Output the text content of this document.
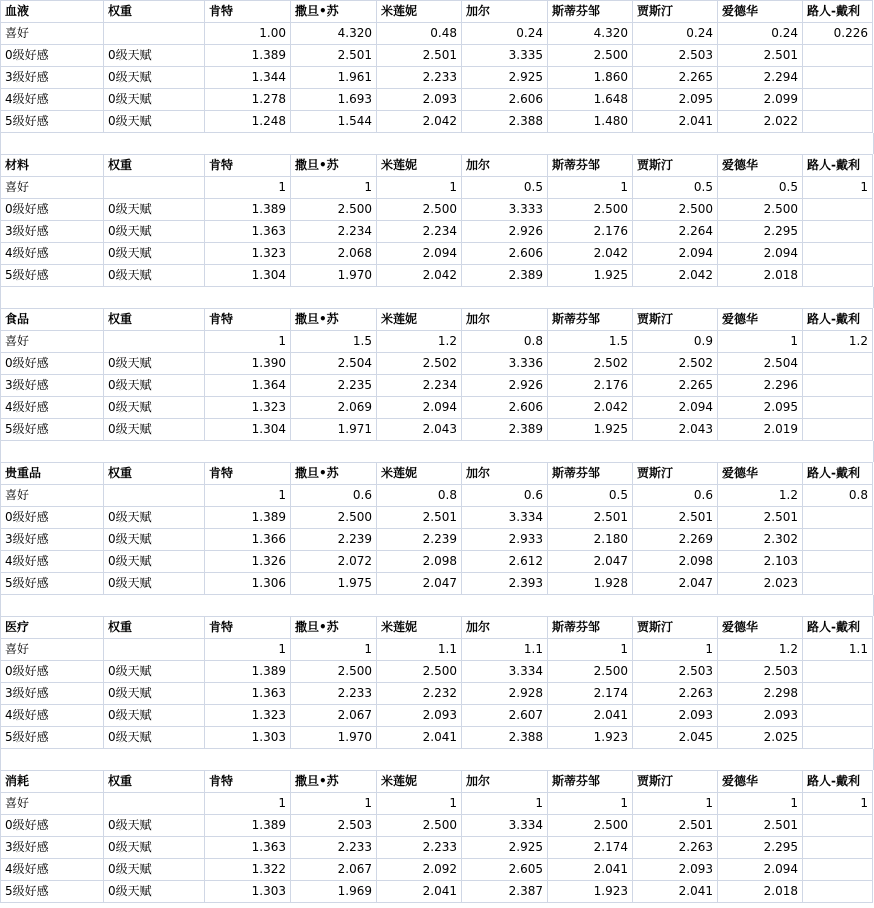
血液	权重	肯特	撒旦•苏	米莲妮	加尔	斯蒂芬邹	贾斯汀	爱德华	路人-戴利
喜好		1.00	4.320	0.48	0.24	4.320	0.24	0.24	0.226
0级好感	0级天赋	1.389	2.501	2.501	3.335	2.500	2.503	2.501	
3级好感	0级天赋	1.344	1.961	2.233	2.925	1.860	2.265	2.294	
4级好感	0级天赋	1.278	1.693	2.093	2.606	1.648	2.095	2.099	
5级好感	0级天赋	1.248	1.544	2.042	2.388	1.480	2.041	2.022	
材料	权重	肯特	撒旦•苏	米莲妮	加尔	斯蒂芬邹	贾斯汀	爱德华	路人-戴利
喜好		1	1	1	0.5	1	0.5	0.5	1
0级好感	0级天赋	1.389	2.500	2.500	3.333	2.500	2.500	2.500	
3级好感	0级天赋	1.363	2.234	2.234	2.926	2.176	2.264	2.295	
4级好感	0级天赋	1.323	2.068	2.094	2.606	2.042	2.094	2.094	
5级好感	0级天赋	1.304	1.970	2.042	2.389	1.925	2.042	2.018	
食品	权重	肯特	撒旦•苏	米莲妮	加尔	斯蒂芬邹	贾斯汀	爱德华	路人-戴利
喜好		1	1.5	1.2	0.8	1.5	0.9	1	1.2
0级好感	0级天赋	1.390	2.504	2.502	3.336	2.502	2.502	2.504	
3级好感	0级天赋	1.364	2.235	2.234	2.926	2.176	2.265	2.296	
4级好感	0级天赋	1.323	2.069	2.094	2.606	2.042	2.094	2.095	
5级好感	0级天赋	1.304	1.971	2.043	2.389	1.925	2.043	2.019	
贵重品	权重	肯特	撒旦•苏	米莲妮	加尔	斯蒂芬邹	贾斯汀	爱德华	路人-戴利
喜好		1	0.6	0.8	0.6	0.5	0.6	1.2	0.8
0级好感	0级天赋	1.389	2.500	2.501	3.334	2.501	2.501	2.501	
3级好感	0级天赋	1.366	2.239	2.239	2.933	2.180	2.269	2.302	
4级好感	0级天赋	1.326	2.072	2.098	2.612	2.047	2.098	2.103	
5级好感	0级天赋	1.306	1.975	2.047	2.393	1.928	2.047	2.023	
医疗	权重	肯特	撒旦•苏	米莲妮	加尔	斯蒂芬邹	贾斯汀	爱德华	路人-戴利
喜好		1	1	1.1	1.1	1	1	1.2	1.1
0级好感	0级天赋	1.389	2.500	2.500	3.334	2.500	2.503	2.503	
3级好感	0级天赋	1.363	2.233	2.232	2.928	2.174	2.263	2.298	
4级好感	0级天赋	1.323	2.067	2.093	2.607	2.041	2.093	2.093	
5级好感	0级天赋	1.303	1.970	2.041	2.388	1.923	2.045	2.025	
消耗	权重	肯特	撒旦•苏	米莲妮	加尔	斯蒂芬邹	贾斯汀	爱德华	路人-戴利
喜好		1	1	1	1	1	1	1	1
0级好感	0级天赋	1.389	2.503	2.500	3.334	2.500	2.501	2.501	
3级好感	0级天赋	1.363	2.233	2.233	2.925	2.174	2.263	2.295	
4级好感	0级天赋	1.322	2.067	2.092	2.605	2.041	2.093	2.094	
5级好感	0级天赋	1.303	1.969	2.041	2.387	1.923	2.041	2.018	
